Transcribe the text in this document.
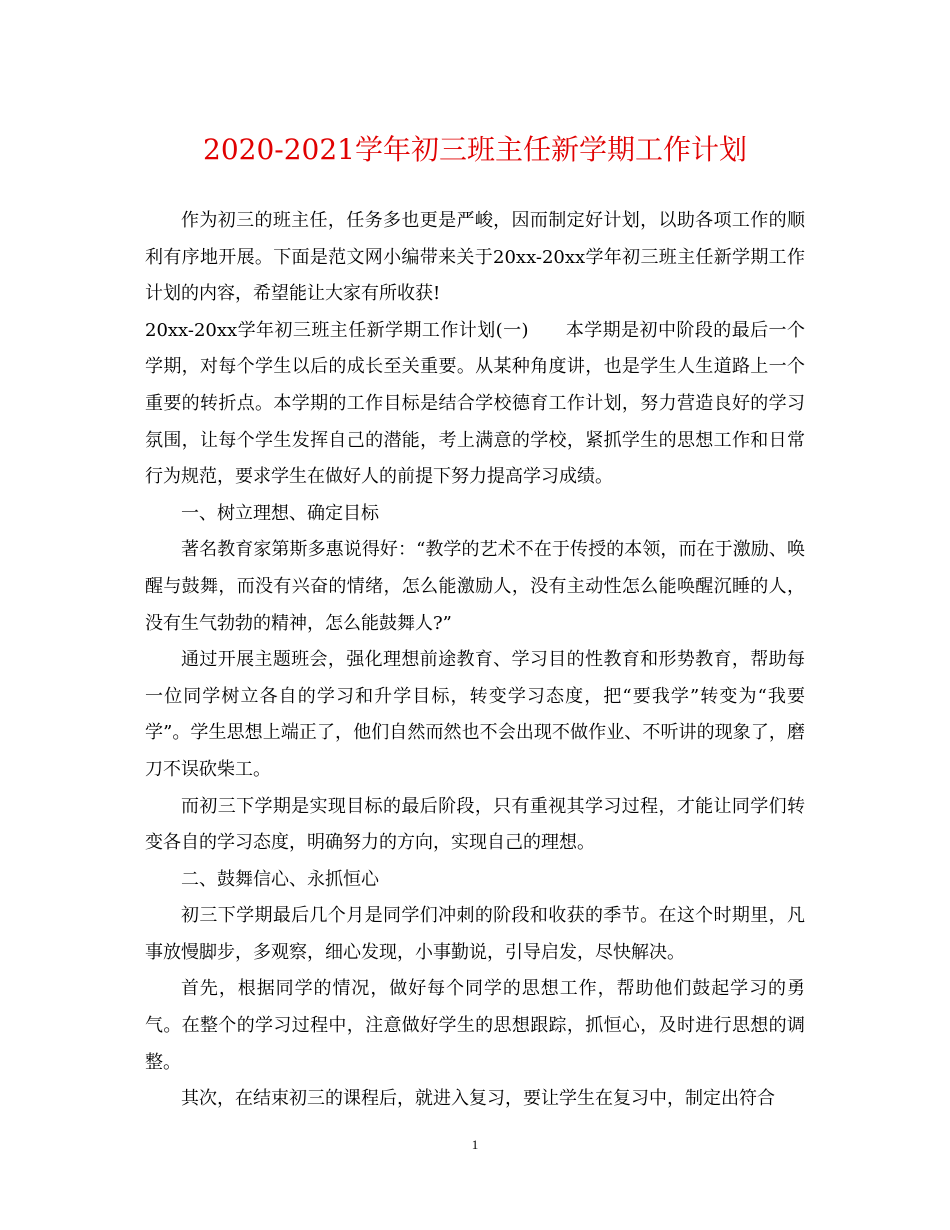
2020-2021学年初三班主任新学期工作计划

作为初三的班主任，任务多也更是严峻，因而制定好计划，以助各项工作的顺利有序地开展。下面是范文网小编带来关于20xx-20xx学年初三班主任新学期工作计划的内容，希望能让大家有所收获!

20xx-20xx学年初三班主任新学期工作计划(一)　　本学期是初中阶段的最后一个学期，对每个学生以后的成长至关重要。从某种角度讲，也是学生人生道路上一个重要的转折点。本学期的工作目标是结合学校德育工作计划，努力营造良好的学习氛围，让每个学生发挥自己的潜能，考上满意的学校，紧抓学生的思想工作和日常行为规范，要求学生在做好人的前提下努力提高学习成绩。

一、树立理想、确定目标

著名教育家第斯多惠说得好：“教学的艺术不在于传授的本领，而在于激励、唤醒与鼓舞，而没有兴奋的情绪，怎么能激励人，没有主动性怎么能唤醒沉睡的人，没有生气勃勃的精神，怎么能鼓舞人?”

通过开展主题班会，强化理想前途教育、学习目的性教育和形势教育，帮助每一位同学树立各自的学习和升学目标，转变学习态度，把“要我学”转变为“我要学”。学生思想上端正了，他们自然而然也不会出现不做作业、不听讲的现象了，磨刀不误砍柴工。

而初三下学期是实现目标的最后阶段，只有重视其学习过程，才能让同学们转变各自的学习态度，明确努力的方向，实现自己的理想。

二、鼓舞信心、永抓恒心

初三下学期最后几个月是同学们冲刺的阶段和收获的季节。在这个时期里，凡事放慢脚步，多观察，细心发现，小事勤说，引导启发，尽快解决。

首先，根据同学的情况，做好每个同学的思想工作，帮助他们鼓起学习的勇气。在整个的学习过程中，注意做好学生的思想跟踪，抓恒心，及时进行思想的调整。

其次，在结束初三的课程后，就进入复习，要让学生在复习中，制定出符合

1
